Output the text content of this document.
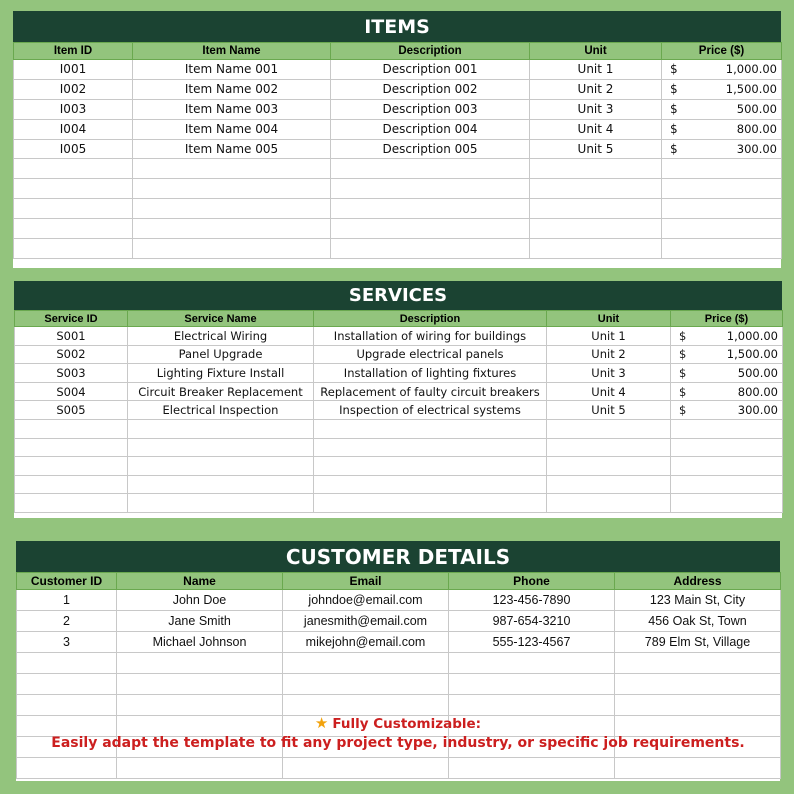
ITEMS
Item ID	Item Name	Description	Unit	Price ($)
I001	Item Name 001	Description 001	Unit 1	$ 1,000.00
I002	Item Name 002	Description 002	Unit 2	$ 1,500.00
I003	Item Name 003	Description 003	Unit 3	$ 500.00
I004	Item Name 004	Description 004	Unit 4	$ 800.00
I005	Item Name 005	Description 005	Unit 5	$ 300.00

SERVICES
Service ID	Service Name	Description	Unit	Price ($)
S001	Electrical Wiring	Installation of wiring for buildings	Unit 1	$ 1,000.00
S002	Panel Upgrade	Upgrade electrical panels	Unit 2	$ 1,500.00
S003	Lighting Fixture Install	Installation of lighting fixtures	Unit 3	$ 500.00
S004	Circuit Breaker Replacement	Replacement of faulty circuit breakers	Unit 4	$ 800.00
S005	Electrical Inspection	Inspection of electrical systems	Unit 5	$ 300.00

CUSTOMER DETAILS
Customer ID	Name	Email	Phone	Address
1	John Doe	johndoe@email.com	123-456-7890	123 Main St, City
2	Jane Smith	janesmith@email.com	987-654-3210	456 Oak St, Town
3	Michael Johnson	mikejohn@email.com	555-123-4567	789 Elm St, Village

★ Fully Customizable:
Easily adapt the template to fit any project type, industry, or specific job requirements.
